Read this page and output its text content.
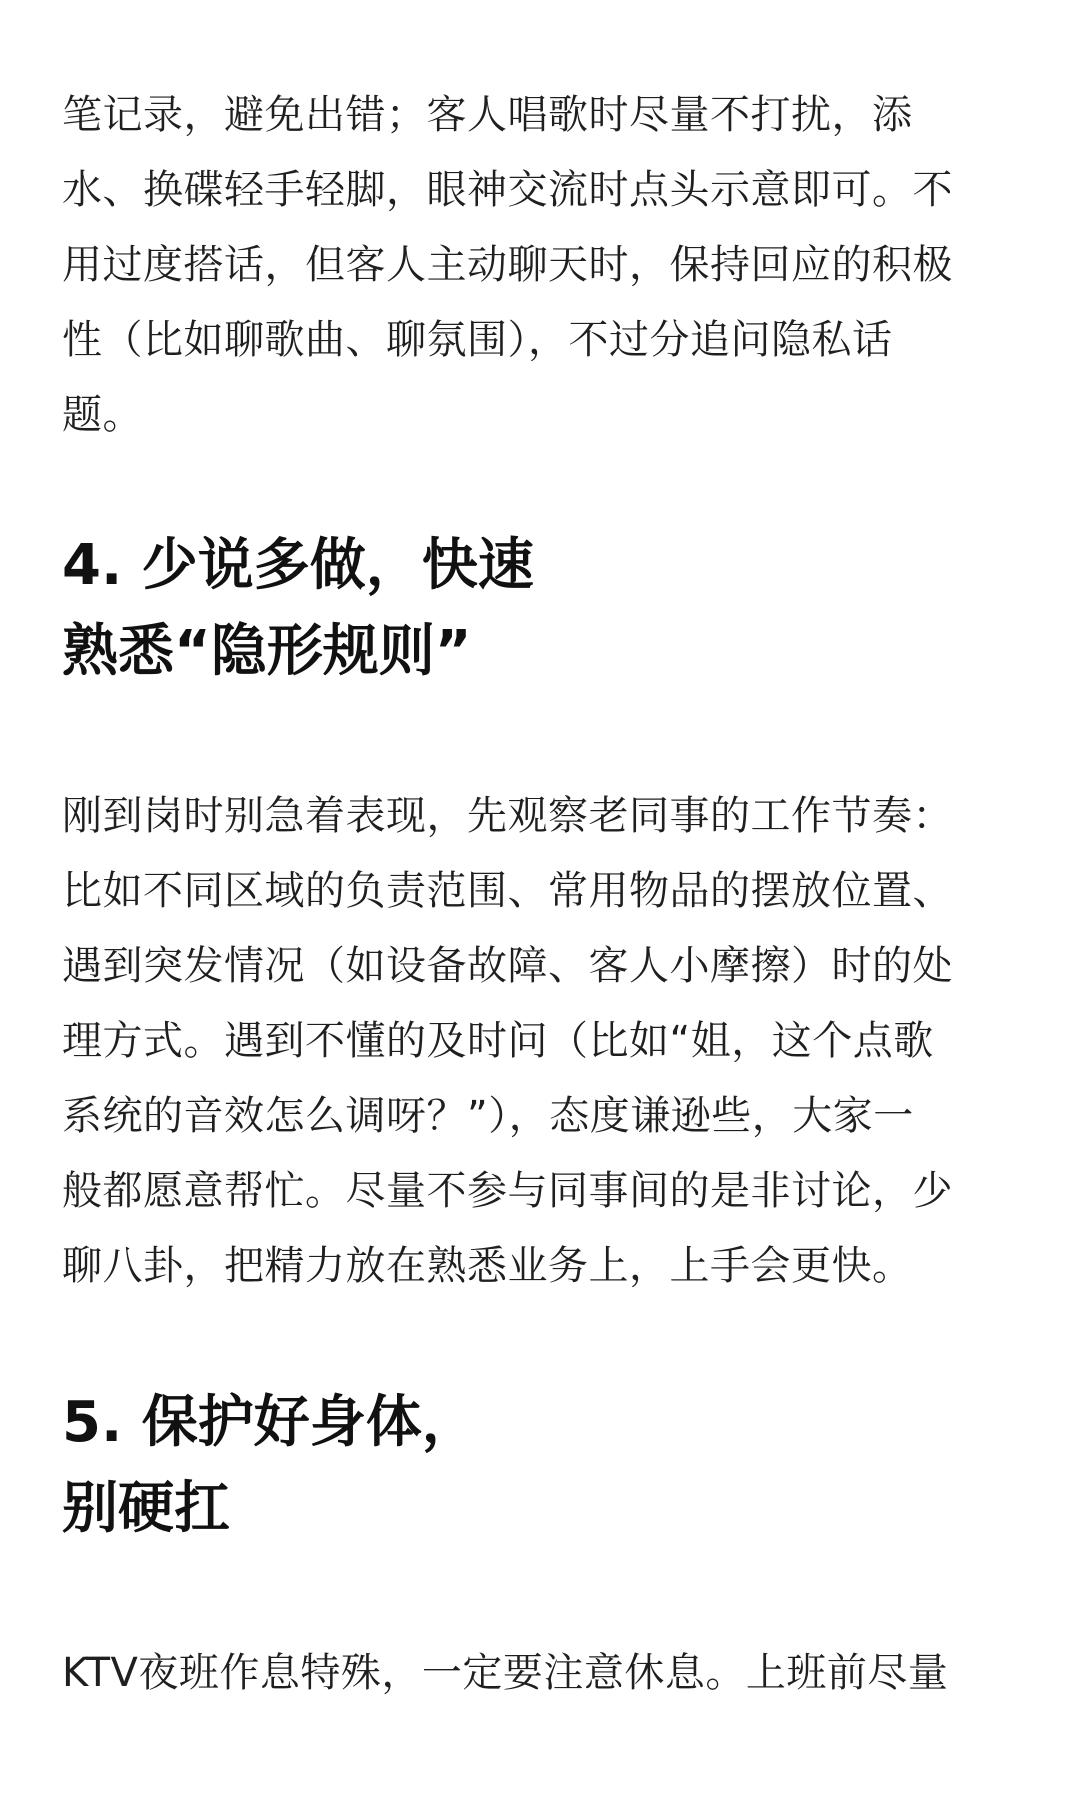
笔记录，避免出错；客人唱歌时尽量不打扰，添
水、换碟轻手轻脚，眼神交流时点头示意即可。不
用过度搭话，但客人主动聊天时，保持回应的积极
性（比如聊歌曲、聊氛围），不过分追问隐私话
题。

4. 少说多做，快速
熟悉“隐形规则”

刚到岗时别急着表现，先观察老同事的工作节奏：
比如不同区域的负责范围、常用物品的摆放位置、
遇到突发情况（如设备故障、客人小摩擦）时的处
理方式。遇到不懂的及时问（比如“姐，这个点歌
系统的音效怎么调呀？”），态度谦逊些，大家一
般都愿意帮忙。尽量不参与同事间的是非讨论，少
聊八卦，把精力放在熟悉业务上，上手会更快。

5. 保护好身体，
别硬扛

KTV夜班作息特殊，一定要注意休息。上班前尽量
